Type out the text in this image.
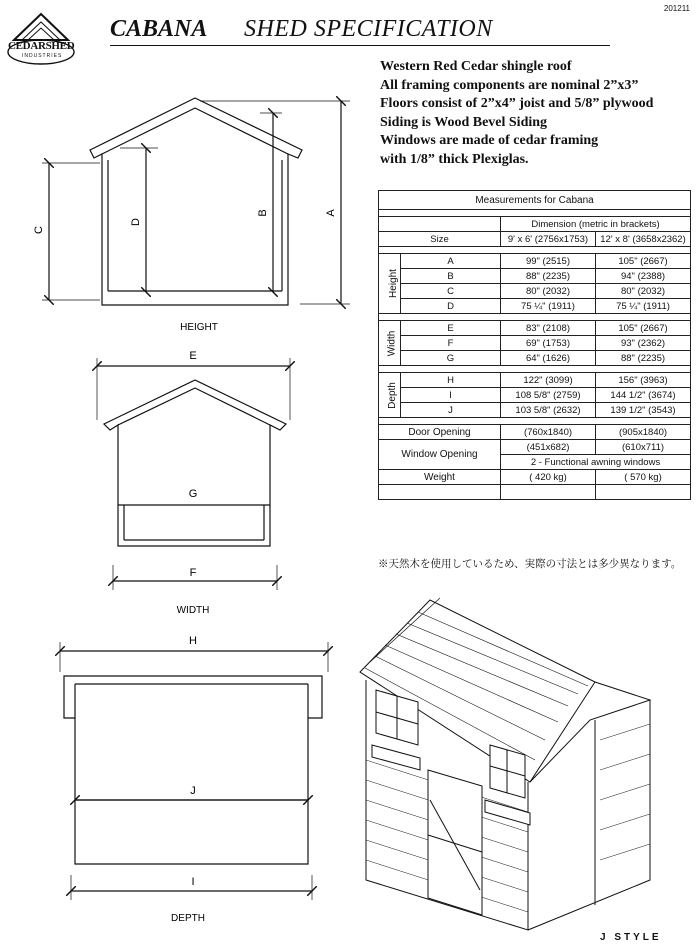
201211
CEDARSHED
INDUSTRIES
CABANA SHED SPECIFICATION
Western Red Cedar shingle roof
All framing components are nominal 2”x3”
Floors consist of 2”x4” joist and 5/8” plywood
Siding is Wood Bevel Siding
Windows are made of cedar framing
with 1/8” thick Plexiglas.
Measurements for Cabana			

		Dimension (metric in brackets)	
Size		9' x 6' (2756x1753)	12' x 8' (3658x2362)

Height	A	99" (2515)	105" (2667)
	B	88" (2235)	94" (2388)
	C	80" (2032)	80" (2032)
	D	75 ¼" (1911)	75 ¼" (1911)

Width	E	83" (2108)	105" (2667)
	F	69" (1753)	93" (2362)
	G	64" (1626)	88" (2235)

Depth	H	122" (3099)	156" (3963)
	I	108 5/8" (2759)	144 1/2" (3674)
	J	103 5/8" (2632)	139 1/2" (3543)

Door Opening		(760x1840)	(905x1840)
Window Opening		(451x682)	(610x711)
		2 - Functional awning windows	
Weight		( 420 kg)	( 570 kg)

※天然木を使用しているため、実際の寸法とは多少異なります。
C
D
B	A
HEIGHT
E
G
F
WIDTH
H
J
I
DEPTH
J STYLE
